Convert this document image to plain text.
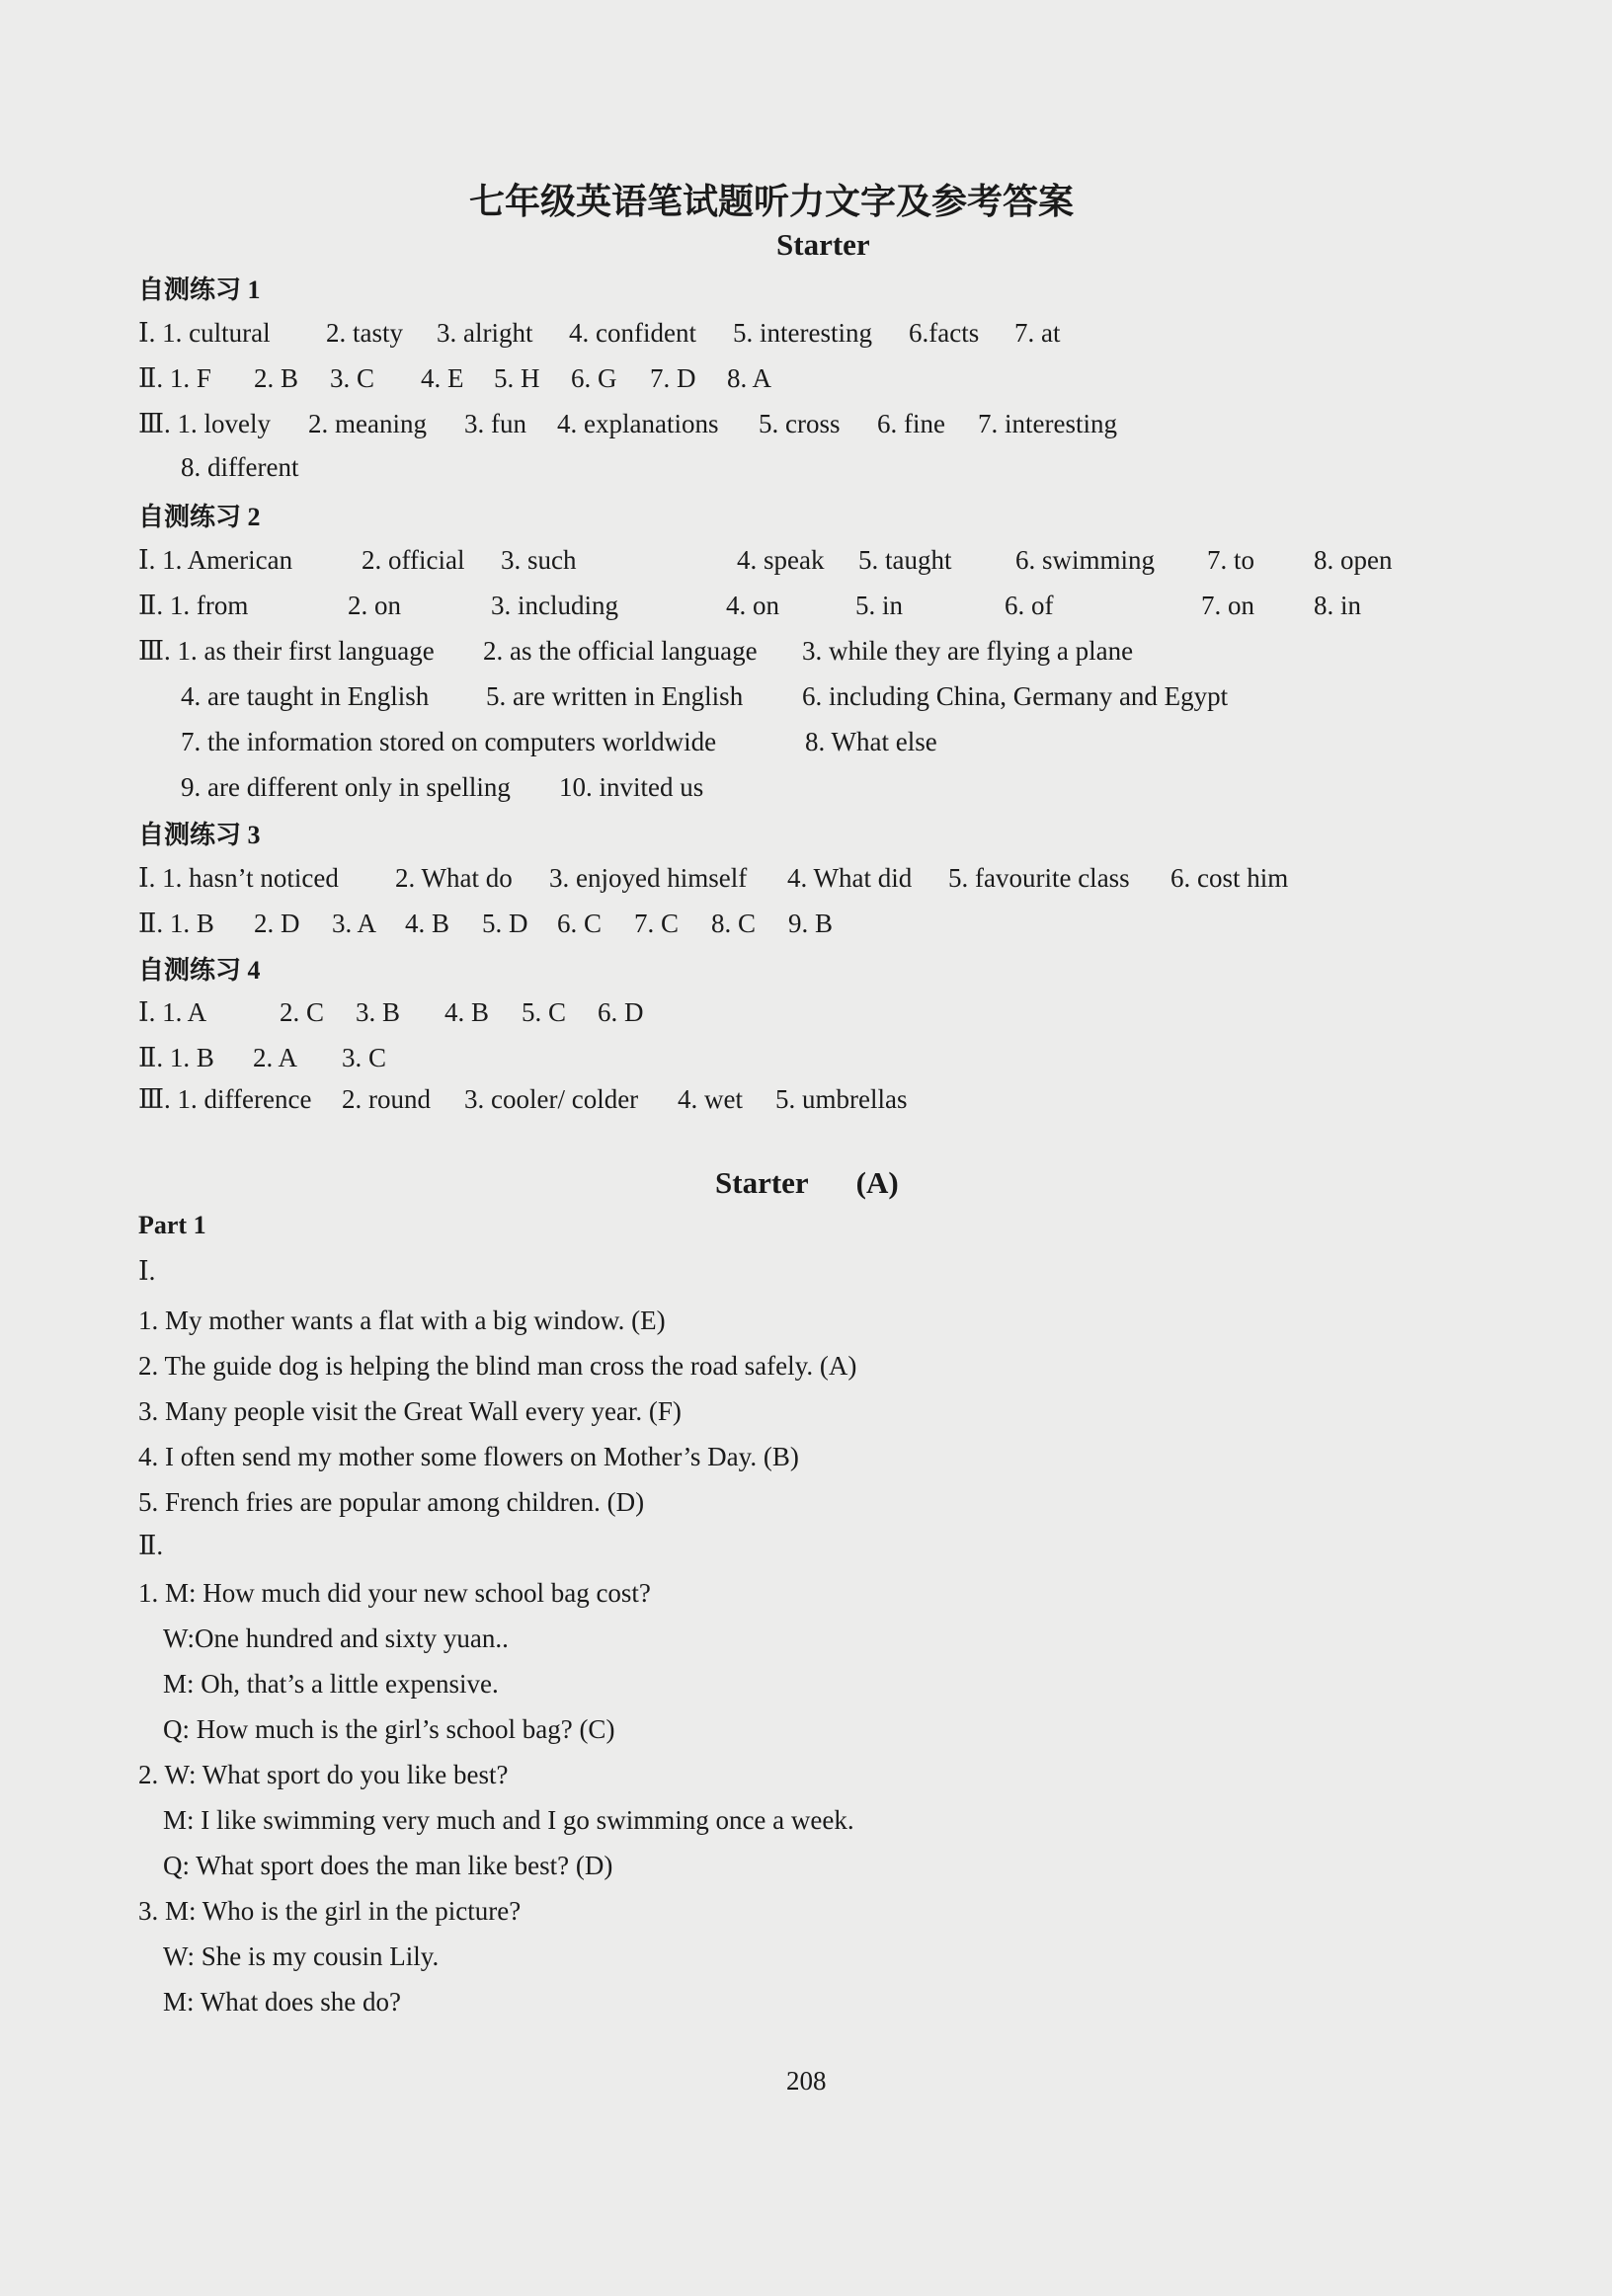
七年级英语笔试题听力文字及参考答案
Starter
自测练习 1
Ⅰ. 1. cultural 2. tasty 3. alright 4. confident 5. interesting 6.facts 7. at
Ⅱ. 1. F 2. B 3. C 4. E 5. H 6. G 7. D 8. A
Ⅲ. 1. lovely 2. meaning 3. fun 4. explanations 5. cross 6. fine 7. interesting
8. different
自测练习 2
Ⅰ. 1. American	2. official 3. such	4. speak 5. taught 6. swimming 7. to 8. open
Ⅱ. 1. from	2. on	3. including	4. on	5. in	6. of	7. on 8. in
Ⅲ. 1. as their first language 2. as the official language 3. while they are flying a plane
4. are taught in English 5. are written in English 6. including China, Germany and Egypt
7. the information stored on computers worldwide	8. What else
9. are different only in spelling 10. invited us
自测练习 3
Ⅰ. 1. hasn’t noticed 2. What do 3. enjoyed himself 4. What did 5. favourite class 6. cost him
Ⅱ. 1. B 2. D 3. A 4. B 5. D 6. C 7. C 8. C 9. B
自测练习 4
Ⅰ. 1. A	2. C 3. B 4. B 5. C 6. D
Ⅱ. 1. B 2. A 3. C
Ⅲ. 1. difference 2. round 3. cooler/ colder 4. wet 5. umbrellas
Starter (A)
Part 1
Ⅰ.
1. My mother wants a flat with a big window. (E)
2. The guide dog is helping the blind man cross the road safely. (A)
3. Many people visit the Great Wall every year. (F)
4. I often send my mother some flowers on Mother’s Day. (B)
5. French fries are popular among children. (D)
Ⅱ.
1. M: How much did your new school bag cost?
W:One hundred and sixty yuan..
M: Oh, that’s a little expensive.
Q: How much is the girl’s school bag? (C)
2. W: What sport do you like best?
M: I like swimming very much and I go swimming once a week.
Q: What sport does the man like best? (D)
3. M: Who is the girl in the picture?
W: She is my cousin Lily.
M: What does she do?
208
